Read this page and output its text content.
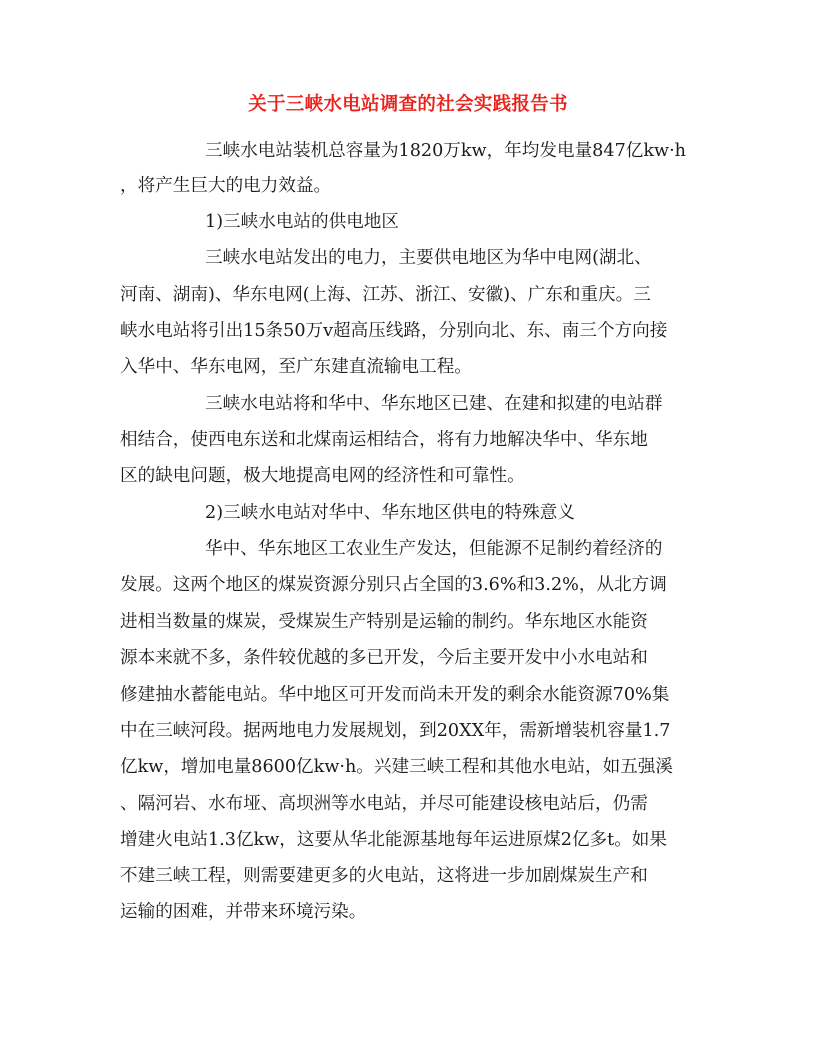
关于三峡水电站调查的社会实践报告书
三峡水电站装机总容量为1820万kw，年均发电量847亿kw·h
，将产生巨大的电力效益。
1)三峡水电站的供电地区
三峡水电站发出的电力，主要供电地区为华中电网(湖北、
河南、湖南)、华东电网(上海、江苏、浙江、安徽)、广东和重庆。三
峡水电站将引出15条50万v超高压线路，分别向北、东、南三个方向接
入华中、华东电网，至广东建直流输电工程。
三峡水电站将和华中、华东地区已建、在建和拟建的电站群
相结合，使西电东送和北煤南运相结合，将有力地解决华中、华东地
区的缺电问题，极大地提高电网的经济性和可靠性。
2)三峡水电站对华中、华东地区供电的特殊意义
华中、华东地区工农业生产发达，但能源不足制约着经济的
发展。这两个地区的煤炭资源分别只占全国的3.6%和3.2%，从北方调
进相当数量的煤炭，受煤炭生产特别是运输的制约。华东地区水能资
源本来就不多，条件较优越的多已开发，今后主要开发中小水电站和
修建抽水蓄能电站。华中地区可开发而尚未开发的剩余水能资源70%集
中在三峡河段。据两地电力发展规划，到20XX年，需新增装机容量1.7
亿kw，增加电量8600亿kw·h。兴建三峡工程和其他水电站，如五强溪
、隔河岩、水布垭、高坝洲等水电站，并尽可能建设核电站后，仍需
增建火电站1.3亿kw，这要从华北能源基地每年运进原煤2亿多t。如果
不建三峡工程，则需要建更多的火电站，这将进一步加剧煤炭生产和
运输的困难，并带来环境污染。
